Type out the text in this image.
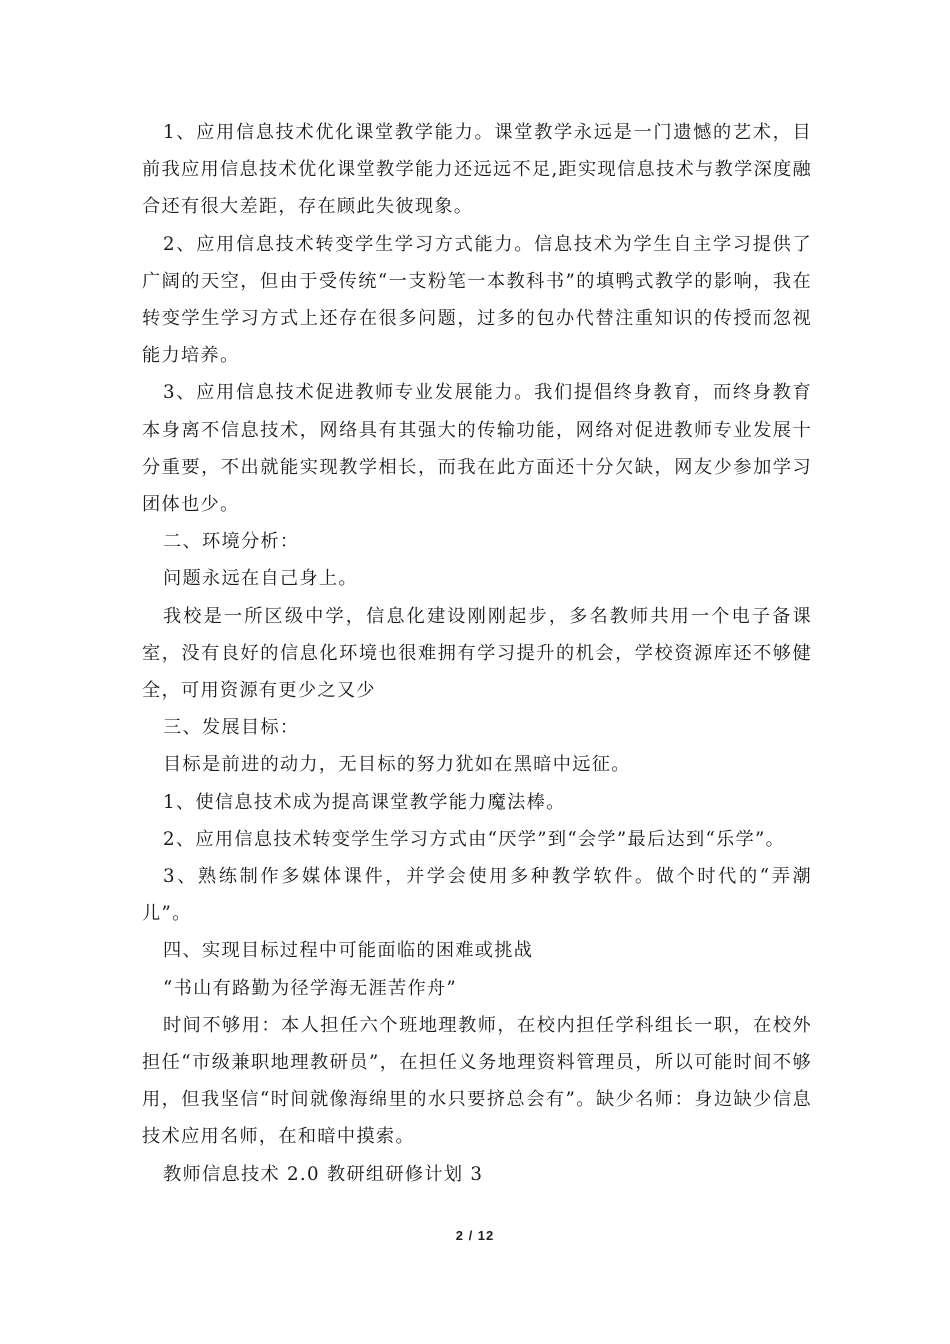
1、应用信息技术优化课堂教学能力。课堂教学永远是一门遗憾的艺术，目前我应用信息技术优化课堂教学能力还远远不足,距实现信息技术与教学深度融合还有很大差距，存在顾此失彼现象。

2、应用信息技术转变学生学习方式能力。信息技术为学生自主学习提供了广阔的天空，但由于受传统“一支粉笔一本教科书”的填鸭式教学的影响，我在转变学生学习方式上还存在很多问题，过多的包办代替注重知识的传授而忽视能力培养。

3、应用信息技术促进教师专业发展能力。我们提倡终身教育，而终身教育本身离不信息技术，网络具有其强大的传输功能，网络对促进教师专业发展十分重要，不出就能实现教学相长，而我在此方面还十分欠缺，网友少参加学习团体也少。

二、环境分析：

问题永远在自己身上。

我校是一所区级中学，信息化建设刚刚起步，多名教师共用一个电子备课室，没有良好的信息化环境也很难拥有学习提升的机会，学校资源库还不够健全，可用资源有更少之又少

三、发展目标：

目标是前进的动力，无目标的努力犹如在黑暗中远征。

1、使信息技术成为提高课堂教学能力魔法棒。

2、应用信息技术转变学生学习方式由“厌学”到“会学”最后达到“乐学”。

3、熟练制作多媒体课件，并学会使用多种教学软件。做个时代的“弄潮儿”。

四、实现目标过程中可能面临的困难或挑战

“书山有路勤为径学海无涯苦作舟”

时间不够用：本人担任六个班地理教师，在校内担任学科组长一职，在校外担任“市级兼职地理教研员”，在担任义务地理资料管理员，所以可能时间不够用，但我坚信“时间就像海绵里的水只要挤总会有”。缺少名师：身边缺少信息技术应用名师，在和暗中摸索。

教师信息技术 2.0 教研组研修计划 3

2 / 12
